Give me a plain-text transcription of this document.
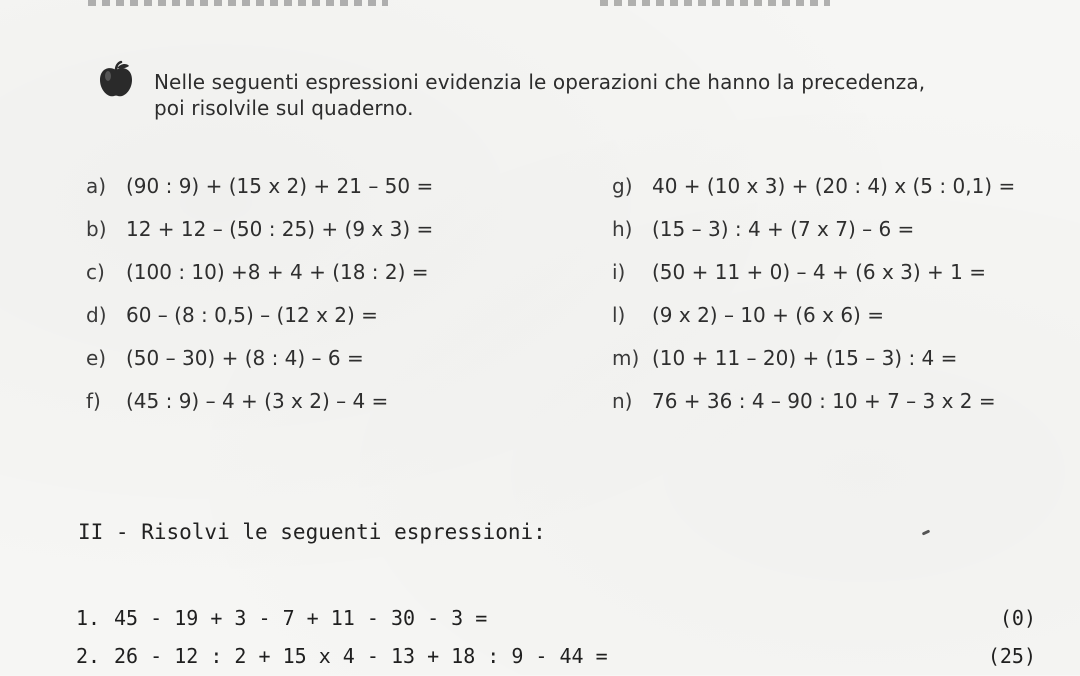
Nelle seguenti espressioni evidenzia le operazioni che hanno la precedenza,
poi risolvile sul quaderno.
a) (90 : 9) + (15 x 2) + 21 – 50 =
b) 12 + 12 – (50 : 25) + (9 x 3) =
c) (100 : 10) +8 + 4 + (18 : 2) =
d) 60 – (8 : 0,5) – (12 x 2) =
e) (50 – 30) + (8 : 4) – 6 =
f) (45 : 9) – 4 + (3 x 2) – 4 =
g) 40 + (10 x 3) + (20 : 4) x (5 : 0,1) =
h) (15 – 3) : 4 + (7 x 7) – 6 =
i) (50 + 11 + 0) – 4 + (6 x 3) + 1 =
l) (9 x 2) – 10 + (6 x 6) =
m) (10 + 11 – 20) + (15 – 3) : 4 =
n) 76 + 36 : 4 – 90 : 10 + 7 – 3 x 2 =
II - Risolvi le seguenti espressioni:
1. 45 - 19 + 3 - 7 + 11 - 30 - 3 =	(0)
2. 26 - 12 : 2 + 15 x 4 - 13 + 18 : 9 - 44 =	(25)
